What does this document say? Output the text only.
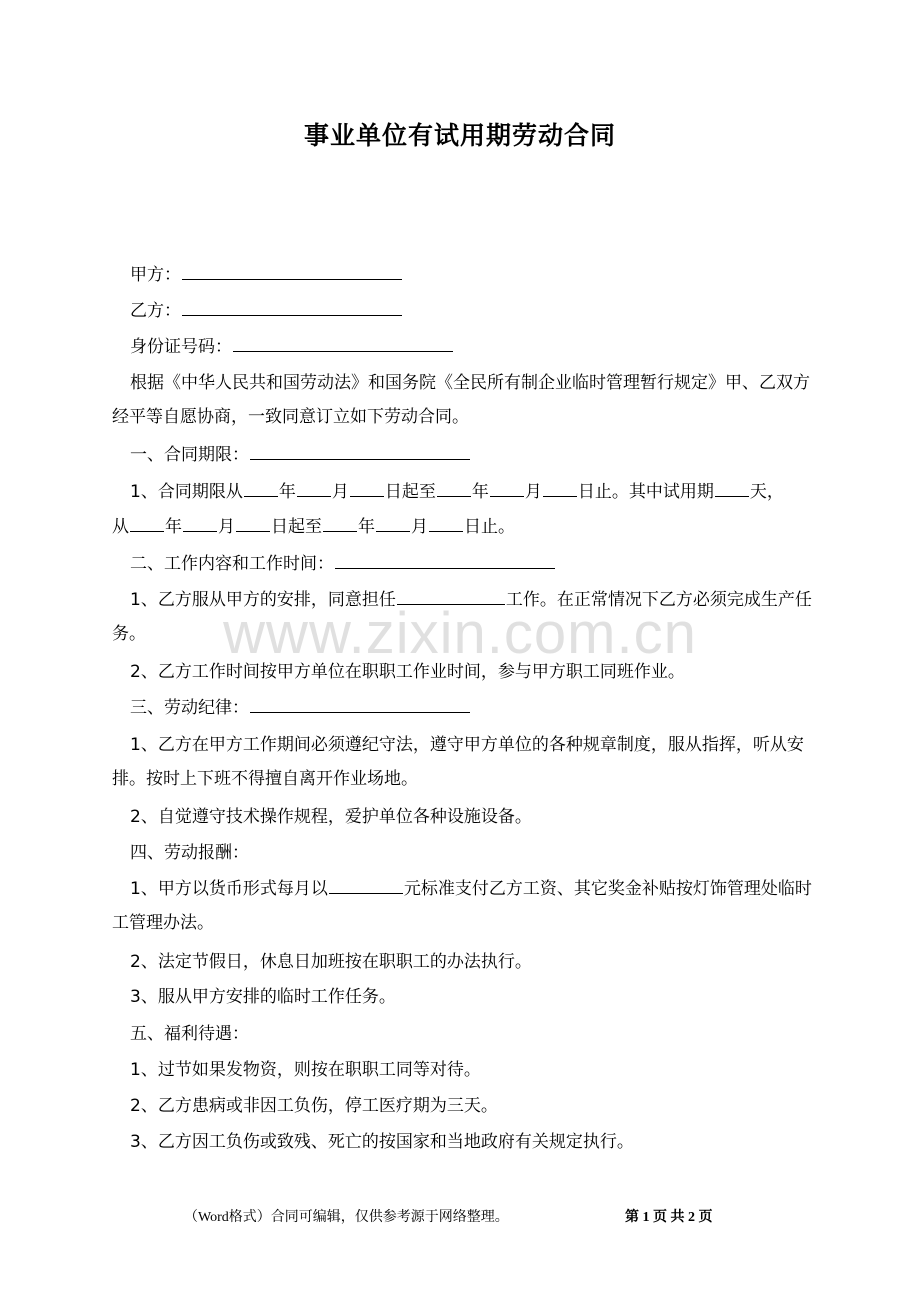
www.zixin.com.cn
事业单位有试用期劳动合同

甲方：

乙方：

身份证号码：

根据《中华人民共和国劳动法》和国务院《全民所有制企业临时管理暂行规定》甲、乙双方经平等自愿协商，一致同意订立如下劳动合同。

一、合同期限：

1、合同期限从 年 月 日起至 年 月 日止。其中试用期 天，

从 年 月 日起至 年 月 日止。

二、工作内容和工作时间：

1、乙方服从甲方的安排，同意担任	工作。在正常情况下乙方必须完成生产任务。

2、乙方工作时间按甲方单位在职职工作业时间，参与甲方职工同班作业。

三、劳动纪律：

1、乙方在甲方工作期间必须遵纪守法，遵守甲方单位的各种规章制度，服从指挥，听从安排。按时上下班不得擅自离开作业场地。

2、自觉遵守技术操作规程，爱护单位各种设施设备。

四、劳动报酬：

1、甲方以货币形式每月以	元标准支付乙方工资、其它奖金补贴按灯饰管理处临时工管理办法。

2、法定节假日，休息日加班按在职职工的办法执行。

3、服从甲方安排的临时工作任务。

五、福利待遇：

1、过节如果发物资，则按在职职工同等对待。

2、乙方患病或非因工负伤，停工医疗期为三天。

3、乙方因工负伤或致残、死亡的按国家和当地政府有关规定执行。

（Word格式）合同可编辑，仅供参考源于网络整理。	第 1 页 共 2 页
